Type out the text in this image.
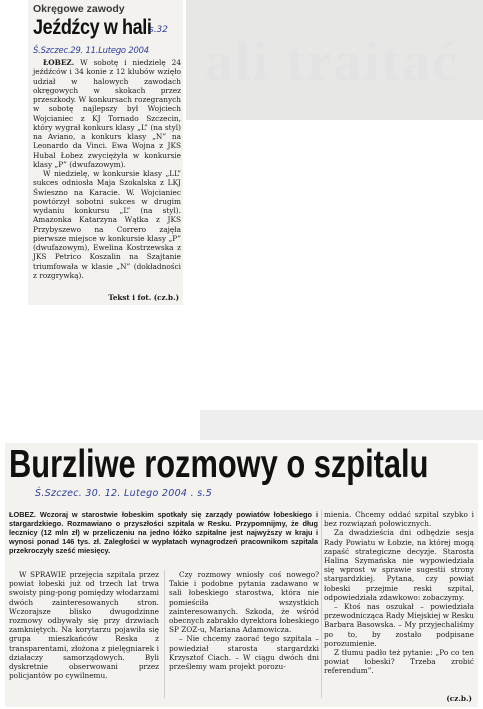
ali traitać
Okręgowe zawody
Jeźdźcy w hali
s.32
Ś.Szczec.29. 11.Lutego 2004

ŁOBEZ. W sobotę i niedzielę 24 jeźdźców i 34 konie z 12 klubów wzięło udział w halowych zawodach okręgowych w skokach przez przeszkody. W konkursach rozegranych w sobotę najlepszy był Wojciech Wojcianiec z KJ Tornado Szczecin, który wygrał konkurs klasy „L” (na styl) na Aviano, a konkurs klasy „N” na Leonardo da Vinci. Ewa Wojna z JKS Hubal Łobez zwyciężyła w konkursie klasy „P” (dwufazowym).

W niedzielę, w konkursie klasy „LL” sukces odniosła Maja Szokalska z LKJ Świeszno na Karacie. W. Wojcianiec powtórzył sobotni sukces w drugim wydaniu konkursu „L” (na styl). Amazonka Katarzyna Wątka z JKS Przybyszewo na Correro zajęła pierwsze miejsce w konkursie klasy „P” (dwufazowym), Ewelina Kostrzewska z JKS Petrico Koszalin na Szajtanie triumfowała w klasie „N” (dokładności z rozgrywką).

Tekst i fot. (cz.b.)
Burzliwe rozmowy o szpitalu
Ś.Szczec. 30. 12. Lutego 2004 . s.5

ŁOBEZ. Wczoraj w starostwie łobeskim spotkały się zarządy powiatów łobeskiego i stargardzkiego. Rozmawiano o przyszłości szpitala w Resku. Przypomnijmy, że dług lecznicy (12 mln zł) w przeliczeniu na jedno łóżko szpitalne jest najwyższy w kraju i wynosi ponad 146 tys. zł. Zaległości w wypłatach wynagrodzeń pracownikom szpitala przekroczyły sześć miesięcy.

W SPRAWIE przejęcia szpitala przez powiat łobeski już od trzech lat trwa swoisty ping-pong pomiędzy włodarzami dwóch zainteresowanych stron. Wczorajsze blisko dwugodzinne rozmowy odbywały się przy drzwiach zamkniętych. Na korytarzu pojawiła się grupa mieszkańców Reska z transparentami, złożona z pielęgniarek i działaczy samorządowych. Byli dyskretnie obserwowani przez policjantów po cywilnemu.

Czy rozmowy wniosły coś nowego? Takie i podobne pytania zadawano w sali łobeskiego starostwa, która nie pomieściła wszystkich zainteresowanych. Szkoda, że wśród obecnych zabrakło dyrektora łobeskiego SP ZOZ-u, Mariana Adamowicza.

– Nie chcemy zaorać tego szpitala – powiedział starosta stargardzki Krzysztof Ciach. – W ciągu dwóch dni prześlemy wam projekt porozu-

mienia. Chcemy oddać szpital szybko i bez rozwiązań połowicznych.

Za dwadzieścia dni odbędzie sesja Rady Powiatu w Łobzie, na której mogą zapaść strategiczne decyzje. Starosta Halina Szymańska nie wypowiedziała się wprost w sprawie sugestii strony stargardzkiej. Pytana, czy powiat łobeski przejmie reski szpital, odpowiedziała zdawkowo: zobaczymy.

– Ktoś nas oszukał – powiedziała przewodnicząca Rady Miejskiej w Resku Barbara Basowska. – My przyjechaliśmy po to, by zostało podpisane porozumienie.

Z tłumu padło też pytanie: „Po co ten powiat łobeski? Trzeba zrobić referendum”.

(cz.b.)
